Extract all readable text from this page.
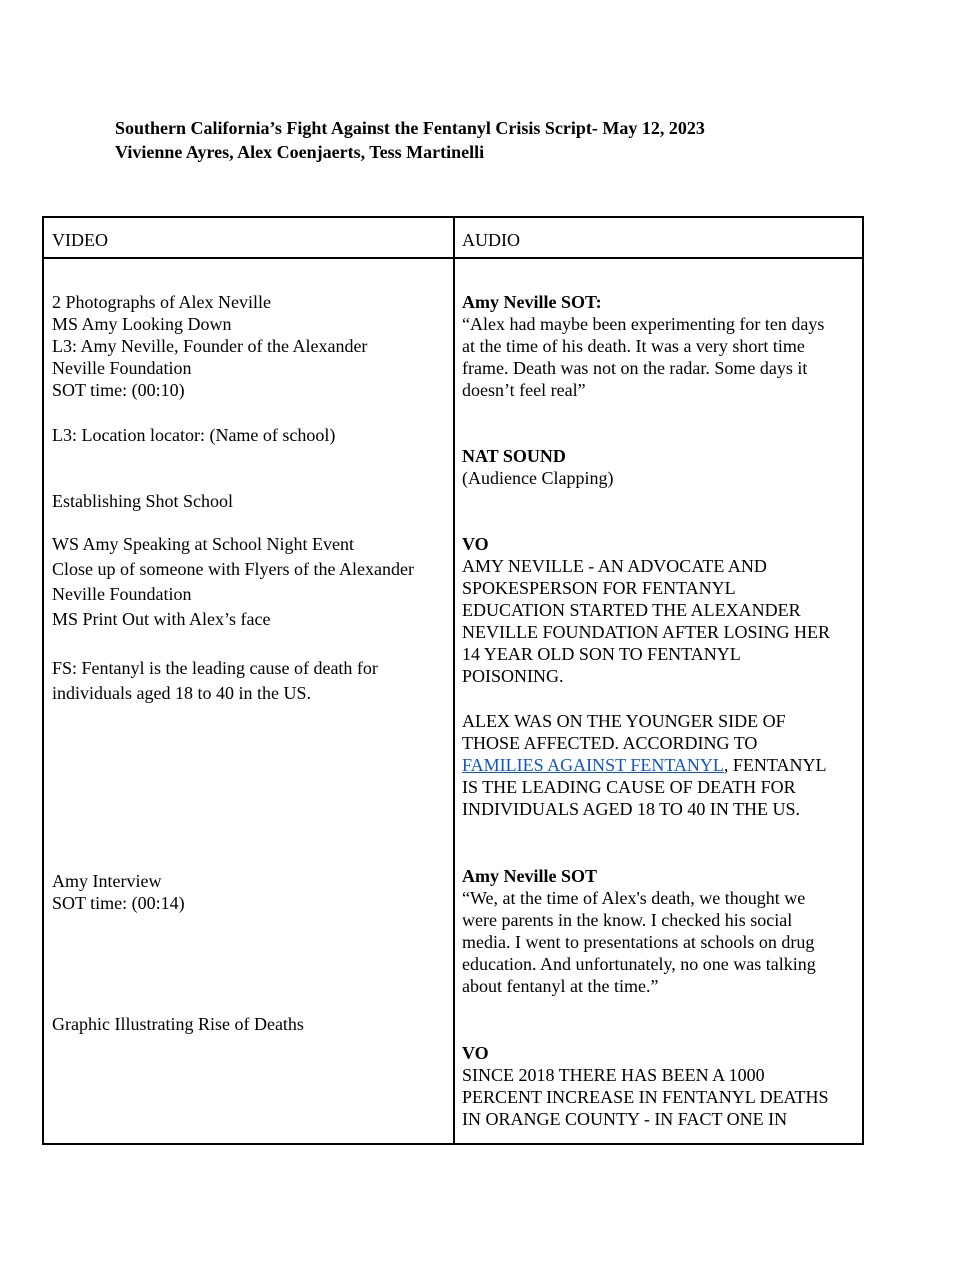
Southern California’s Fight Against the Fentanyl Crisis Script- May 12, 2023
Vivienne Ayres, Alex Coenjaerts, Tess Martinelli
VIDEO	AUDIO
2 Photographs of Alex Neville
MS Amy Looking Down
L3: Amy Neville, Founder of the Alexander
Neville Foundation
SOT time: (00:10)
L3: Location locator: (Name of school)
Establishing Shot School
WS Amy Speaking at School Night Event
Close up of someone with Flyers of the Alexander
Neville Foundation
MS Print Out with Alex’s face
FS: Fentanyl is the leading cause of death for
individuals aged 18 to 40 in the US.
Amy Interview
SOT time: (00:14)
Graphic Illustrating Rise of Deaths
Amy Neville SOT:
“Alex had maybe been experimenting for ten days
at the time of his death. It was a very short time
frame. Death was not on the radar. Some days it
doesn’t feel real”
NAT SOUND
(Audience Clapping)
VO
AMY NEVILLE - AN ADVOCATE AND
SPOKESPERSON FOR FENTANYL
EDUCATION STARTED THE ALEXANDER
NEVILLE FOUNDATION AFTER LOSING HER
14 YEAR OLD SON TO FENTANYL
POISONING.
ALEX WAS ON THE YOUNGER SIDE OF
THOSE AFFECTED. ACCORDING TO
FAMILIES AGAINST FENTANYL, FENTANYL
IS THE LEADING CAUSE OF DEATH FOR
INDIVIDUALS AGED 18 TO 40 IN THE US.
Amy Neville SOT
“We, at the time of Alex's death, we thought we
were parents in the know. I checked his social
media. I went to presentations at schools on drug
education. And unfortunately, no one was talking
about fentanyl at the time.”
VO
SINCE 2018 THERE HAS BEEN A 1000
PERCENT INCREASE IN FENTANYL DEATHS
IN ORANGE COUNTY - IN FACT ONE IN
